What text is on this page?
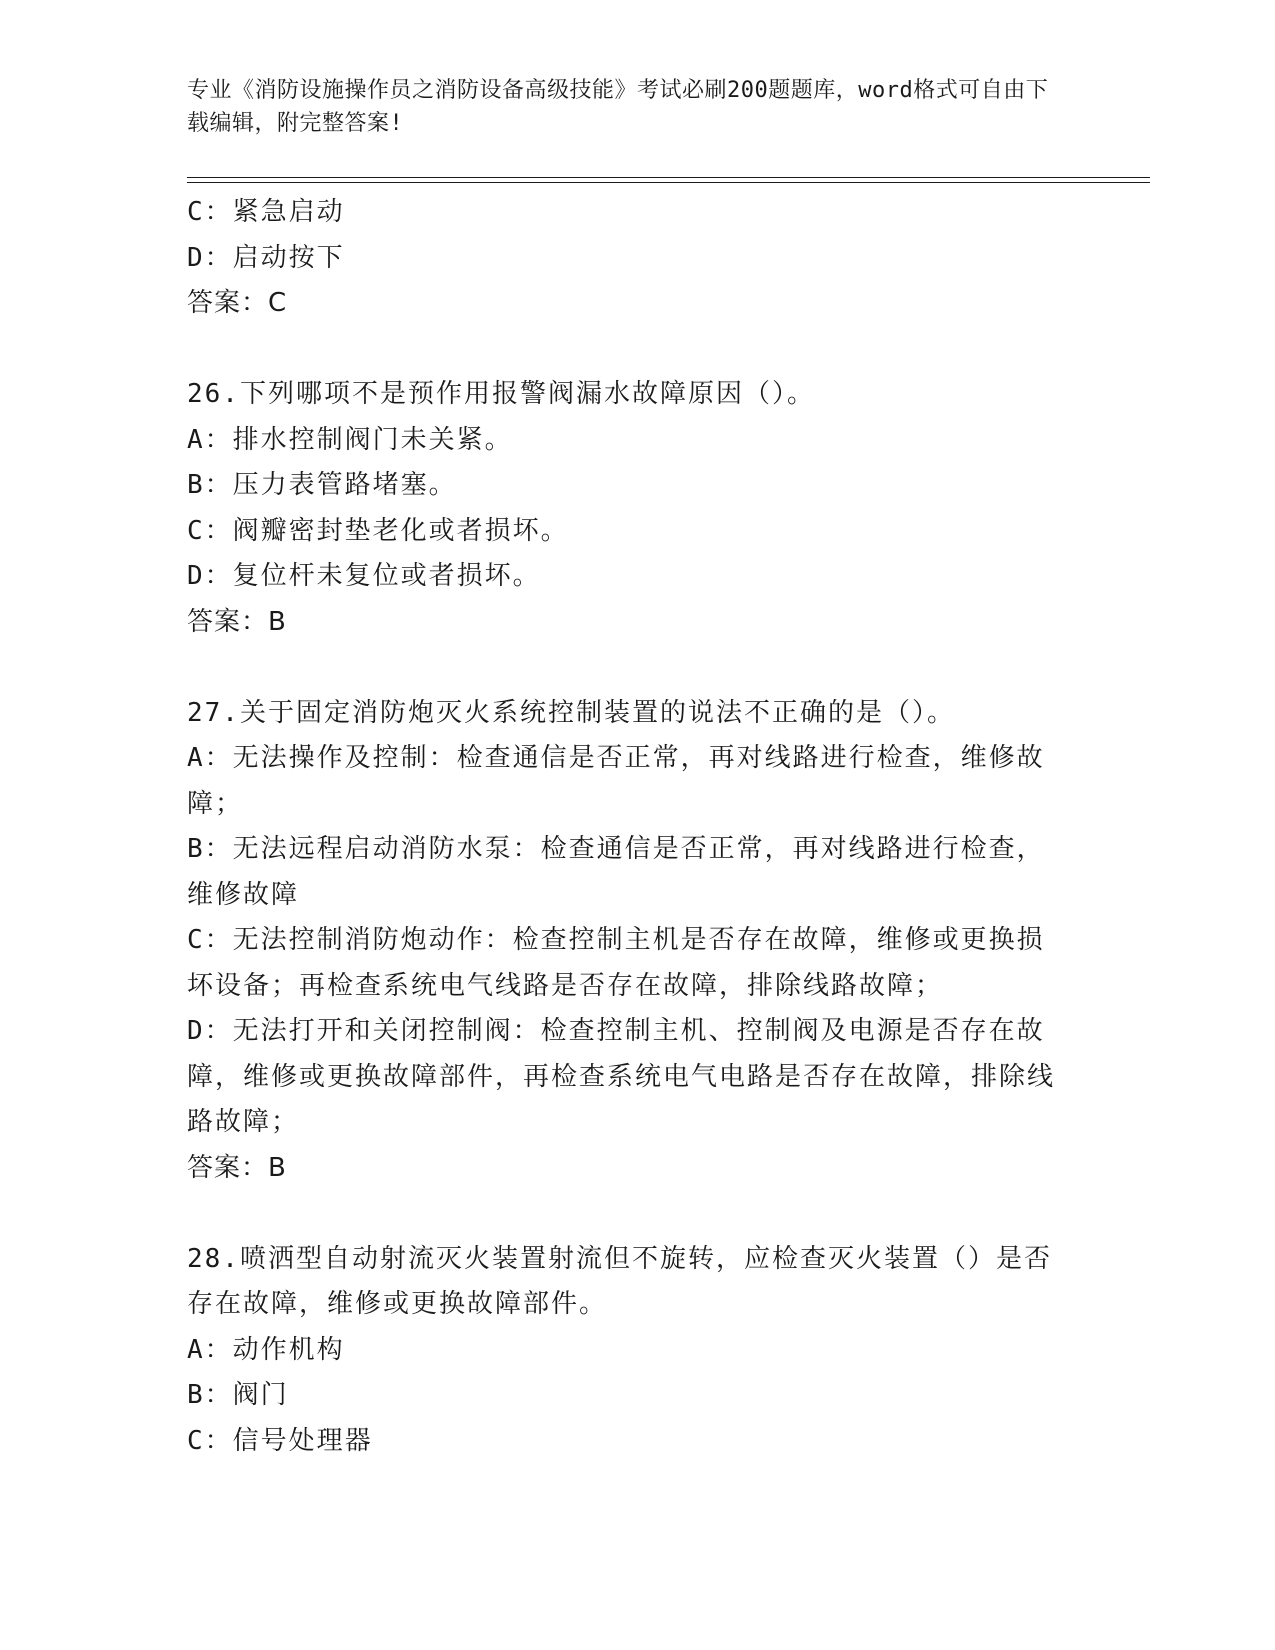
专业《消防设施操作员之消防设备高级技能》考试必刷200题题库，word格式可自由下载编辑，附完整答案!
C：紧急启动
D：启动按下
答案：C
26.下列哪项不是预作用报警阀漏水故障原因（）。
A：排水控制阀门未关紧。
B：压力表管路堵塞。
C：阀瓣密封垫老化或者损坏。
D：复位杆未复位或者损坏。
答案：B
27.关于固定消防炮灭火系统控制装置的说法不正确的是（）。
A：无法操作及控制：检查通信是否正常，再对线路进行检查，维修故障；
B：无法远程启动消防水泵：检查通信是否正常，再对线路进行检查，维修故障
C：无法控制消防炮动作：检查控制主机是否存在故障，维修或更换损坏设备；再检查系统电气线路是否存在故障，排除线路故障；
D：无法打开和关闭控制阀：检查控制主机、控制阀及电源是否存在故障，维修或更换故障部件，再检查系统电气电路是否存在故障，排除线路故障；
答案：B
28.喷洒型自动射流灭火装置射流但不旋转，应检查灭火装置（）是否存在故障，维修或更换故障部件。
A：动作机构
B：阀门
C：信号处理器
